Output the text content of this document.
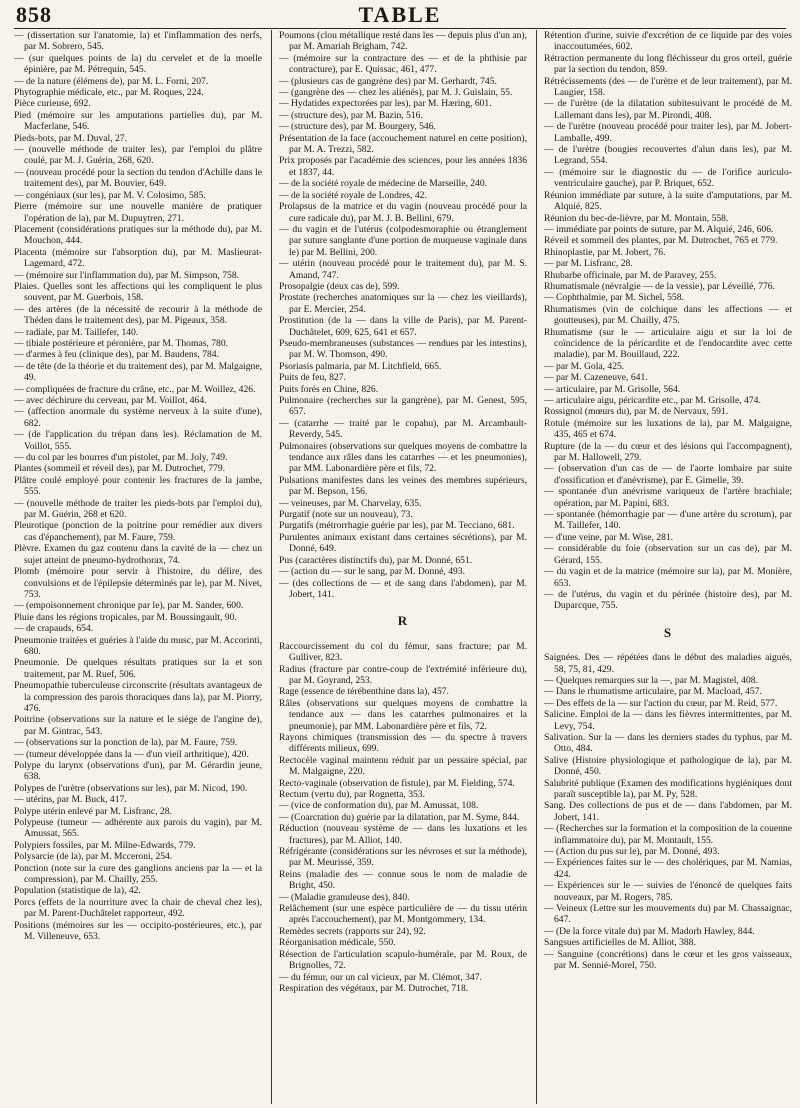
858	TABLE

— (dissertation sur l'anatomie, la) et l'inflammation des nerfs, par M. Sobrero, 545.

— (sur quelques points de la) du cervelet et de la moelle épinière, par M. Pétrequin, 545.

— de la nature (élémens de), par M. L. Forni, 207.

Phytographie médicale, etc., par M. Roques, 224.

Pièce curieuse, 692.

Pied (mémoire sur les amputations partielles du), par M. Macferlane, 546.

Pieds-bots, par M. Duval, 27.

— (nouvelle méthode de traiter les), par l'emploi du plâtre coulé, par M. J. Guérin, 268, 620.

— (nouveau procédé pour la section du tendon d'Achille dans le traitement des), par M. Bouvier, 649.

— congéniaux (sur les), par M. V. Colosimo, 585.

Pierre (mémoire sur une nouvelle manière de pratiquer l'opération de la), par M. Dupuytren, 271.

Placement (considérations pratiques sur la méthode du), par M. Mouchon, 444.

Placenta (mémoire sur l'absorption du), par M. Maslieurat-Lagemard, 472.

— (mémoire sur l'inflammation du), par M. Simpson, 758.

Plaies. Quelles sont les affections qui les compliquent le plus souvent, par M. Guerbois, 158.

— des artères (de la nécessité de recourir à la méthode de Théden dans le traitement des), par M. Pigeaux, 358.

— radiale, par M. Taillefer, 140.

— tibiale postérieure et péronière, par M. Thomas, 780.

— d'armes à feu (clinique des), par M. Baudens, 784.

— de tête (de la théorie et du traitement des), par M. Malgaigne, 49.

— compliquées de fracture du crâne, etc., par M. Woillez, 426.

— avec déchirure du cerveau, par M. Voillot, 464.

— (affection anormale du système nerveux à la suite d'une), 682.

— (de l'application du trépan dans les). Réclamation de M. Voillot, 555.

— du col par les bourres d'un pistolet, par M. Joly, 749.

Plantes (sommeil et réveil des), par M. Dutrochet, 779.

Plâtre coulé employé pour contenir les fractures de la jambe, 555.

— (nouvelle méthode de traiter les pieds-bots par l'emploi du), par M. Guérin, 268 et 620.

Pleurotique (ponction de la poitrine pour remédier aux divers cas d'épanchement), par M. Faure, 759.

Plèvre. Examen du gaz contenu dans la cavité de la — chez un sujet atteint de pneumo-hydrothorax, 74.

Plomb (mémoire pour servir à l'histoire, du délire, des convulsions et de l'épilepsie déterminés par le), par M. Nivet, 753.

— (empoisonnement chronique par le), par M. Sander, 600.

Pluie dans les régions tropicales, par M. Boussingault, 90.

— de crapauds, 654.

Pneumonie traitées et guéries à l'aide du musc, par M. Accorinti, 680.

Pneumonie. De quelques résultats pratiques sur la et son traitement, par M. Ruef, 506.

Pneumopathie tuberculeuse circonscrite (résultats avantageux de la compression des parois thoraciques dans la), par M. Piorry, 476.

Poitrine (observations sur la nature et le siége de l'angine de), par M. Gintrac, 543.

— (observations sur la ponction de la), par M. Faure, 759.

— (tumeur développée dans la — d'un vieil arthritique), 420.

Polype du larynx (observations d'un), par M. Gérardin jeune, 638.

Polypes de l'urètre (observations sur les), par M. Nicod, 190.

— utérins, par M. Buck, 417.

Polype utérin enlevé par M. Lisfranc, 28.

Polypeuse (tumeur — adhérente aux parois du vagin), par M. Amussat, 565.

Polypiers fossiles, par M. Milne-Edwards, 779.

Polysarcie (de la), par M. Mcceroni, 254.

Ponction (note sur la cure des ganglions anciens par la — et la compression), par M. Chailly, 255.

Population (statistique de la), 42.

Porcs (effets de la nourriture avec la chair de cheval chez les), par M. Parent-Duchâtelet rapporteur, 492.

Positions (mémoires sur les — occipito-postérieures, etc.), par M. Villeneuve, 653.

Poumons (clou métallique resté dans les — depuis plus d'un an), par M. Amariah Brigham, 742.

— (mémoire sur la contracture des — et de la phthisie par contracture), par E. Quissac, 461, 477.

— (plusieurs cas de gangrène des) par M. Gerhardt, 745.

— (gangrène des — chez les aliénés), par M. J. Guislain, 55.

— Hydatides expectorées par les), par M. Hæring, 601.

— (structure des), par M. Bazin, 516.

— (structure des), par M. Bourgery, 546.

Présentation de la face (accouchement naturel en cette position), par M. A. Trezzi, 582.

Prix proposés par l'académie des sciences, pour les années 1836 et 1837, 44.

— de la société royale de médecine de Marseille, 240.

— de la société royale de Londres, 42.

Prolapsus de la matrice et du vagin (nouveau procédé pour la cure radicale du), par M. J. B. Bellini, 679.

— du vagin et de l'utérus (colpodesmoraphie ou étranglement par suture sanglante d'une portion de muqueuse vaginale dans le) par M. Bellini, 200.

— utérin (nouveau procédé pour le traitement du), par M. S. Amand, 747.

Prosopalgie (deux cas de), 599.

Prostate (recherches anatomiques sur la — chez les vieillards), par E. Mercier, 254.

Prostitution (de la — dans la ville de Paris), par M. Parent-Duchâtelet, 609, 625, 641 et 657.

Pseudo-membraneuses (substances — rendues par les intestins), par M. W. Thomson, 490.

Psoriasis palmaria, par M. Litchfield, 665.

Puits de feu, 827.

Puits forés en Chine, 826.

Pulmonaire (recherches sur la gangrène), par M. Genest, 595, 657.

— (catarrhe — traité par le copahu), par M. Arcambault-Reverdy, 545.

Pulmonaires (observations sur quelques moyens de combattre la tendance aux râles dans les catarrhes — et les pneumonies), par MM. Labonardière père et fils, 72.

Pulsations manifestes dans les veines des membres supérieurs, par M. Bepson, 156.

— veineuses, par M. Charvelay, 635.

Purgatif (note sur un nouveau), 73.

Purgatifs (métrorrhagie guérie par les), par M. Tecciano, 681.

Purulentes animaux existant dans certaines sécrétions), par M. Donné, 649.

Pus (caractères distinctifs du), par M. Donné, 651.

— (action du — sur le sang, par M. Donné, 493.

— (des collections de — et de sang dans l'abdomen), par M. Jobert, 141.

R

Raccourcissement du col du fémur, sans fracture; par M. Gulliver, 823.

Radius (fracture par contre-coup de l'extrémité inférieure du), par M. Goyrand, 253.

Rage (essence de térébenthine dans la), 457.

Râles (observations sur quelques moyens de combattre la tendance aux — dans les catarrhes pulmonaires et la pneumonie), par MM. Labonardière père et fils, 72.

Rayons chimiques (transmission des — du spectre à travers différents milieux, 699.

Rectocèle vaginal maintenu réduit par un pessaire spécial, par M. Malgaigne, 220.

Recto-vaginale (observation de fistule), par M. Fielding, 574.

Rectum (vertu du), par Rognetta, 353.

— (vice de conformation du), par M. Amussat, 108.

— (Coarctation du) guérie par la dilatation, par M. Syme, 844.

Réduction (nouveau système de — dans les luxations et les fractures), par M. Alliot, 140.

Réfrigérante (considérations sur les névroses et sur la méthode), par M. Meurissé, 359.

Reins (maladie des — connue sous le nom de maladie de Bright, 450.

— (Maladie granuleuse des), 840.

Relâchement (sur une espèce particulière de — du tissu utérin après l'accouchement), par M. Montgommery, 134.

Remèdes secrets (rapports sur 24), 92.

Réorganisation médicale, 550.

Résection de l'articulation scapulo-humérale, par M. Roux, de Brignolles, 72.

— du fémur, our un cal vicieux, par M. Clémot, 347.

Respiration des végétaux, par M. Dutrochet, 718.

Rétention d'urine, suivie d'excrétion de ce liquide par des voies inaccoutumées, 602.

Rétraction permanente du long fléchisseur du gros orteil, guérie par la section du tendon, 859.

Rétrécissements (des — de l'urètre et de leur traitement), par M. Laugier, 158.

— de l'urètre (de la dilatation subitesuivant le procédé de M. Lallemant dans les), par M. Pirondi, 408.

— de l'urètre (nouveau procédé pour traiter les), par M. Jobert-Lamballe, 499.

— de l'urètre (bougies recouvertes d'alun dans les), par M. Legrand, 554.

— (mémoire sur le diagnostic du — de l'orifice auriculo-ventriculaire gauche), par P. Briquet, 652.

Réunion immédiate par suture, à la suite d'amputations, par M. Alquié, 825.

Réunion du bec-de-lièvre, par M. Montain, 558.

— immédiate par points de suture, par M. Alquié, 246, 606.

Réveil et sommeil des plantes, par M. Dutrochet, 765 et 779.

Rhinoplastie, par M. Jobert, 76.

— par M. Lisfranc, 28.

Rhubarbe officinale, par M. de Paravey, 255.

Rhumatismale (névralgie — de la vessie), par Léveillé, 776.

— Cophthalmie, par M. Sichel, 558.

Rhumatismes (vin de colchique dans les affections — et goutteuses), par M. Chailly, 475.

Rhumatisme (sur le — articulaire aigu et sur la loi de coïncidence de la péricardite et de l'endocardite avec cette maladie), par M. Bouillaud, 222.

— par M. Gola, 425.

— par M. Cazeneuve, 641.

— articulaire, par M. Grisolle, 564.

— articulaire aigu, péricardite etc., par M. Grisolle, 474.

Rossignol (mœurs du), par M. de Nervaux, 591.

Rotule (mémoire sur les luxations de la), par M. Malgaigne, 435, 465 et 674.

Rupture (de la — du cœur et des lésions qui l'accompagnent), par M. Hallowell, 279.

— (observation d'un cas de — de l'aorte lombaire par suite d'ossification et d'anévrisme), par E. Gimelle, 39.

— spontanée d'un anévrisme variqueux de l'artère brachiale; opération, par M. Papini, 683.

— spontanée (hémorrhagie par — d'une artère du scrotum), par M. Taillefer, 140.

— d'une veine, par M. Wise, 281.

— considérable du foie (observation sur un cas de), par M. Gérard, 155.

— du vagin et de la matrice (mémoire sur la), par M. Monière, 653.

— de l'utérus, du vagin et du périnée (histoire des), par M. Duparcque, 755.

S

Saignées. Des — répétées dans le début des maladies aiguës, 58, 75, 81, 429.

— Quelques remarques sur la —, par M. Magistel, 408.

— Dans le rhumatisme articulaire, par M. Macload, 457.

— Des effets de la — sur l'action du cœur, par M. Reid, 577.

Salicine. Emploi de la — dans les fièvres intermittentes, par M. Levy, 754.

Salivation. Sur la — dans les derniers stades du typhus, par M. Otto, 484.

Salive (Histoire physiologique et pathologique de la), par M. Donné, 450.

Salubrité publique (Examen des modifications hygiéniques dont paraît susceptible la), par M. Py, 528.

Sang. Des collections de pus et de — dans l'abdomen, par M. Jobert, 141.

— (Recherches sur la formation et la composition de la couenne inflammatoire du), par M. Montault, 155.

— (Action du pus sur le), par M. Donné, 493.

— Expériences faites sur le — des cholériques, par M. Namias, 424.

— Expériences sur le — suivies de l'énoncé de quelques faits nouveaux, par M. Rogers, 785.

— Veineux (Lettre sur les mouvements du) par M. Chassaignac, 647.

— (De la force vitale du) par M. Madorh Hawley, 844.

Sangsues artificielles de M. Alliot, 388.

— Sanguine (concrétions) dans le cœur et les gros vaisseaux, par M. Sennié-Morel, 750.
